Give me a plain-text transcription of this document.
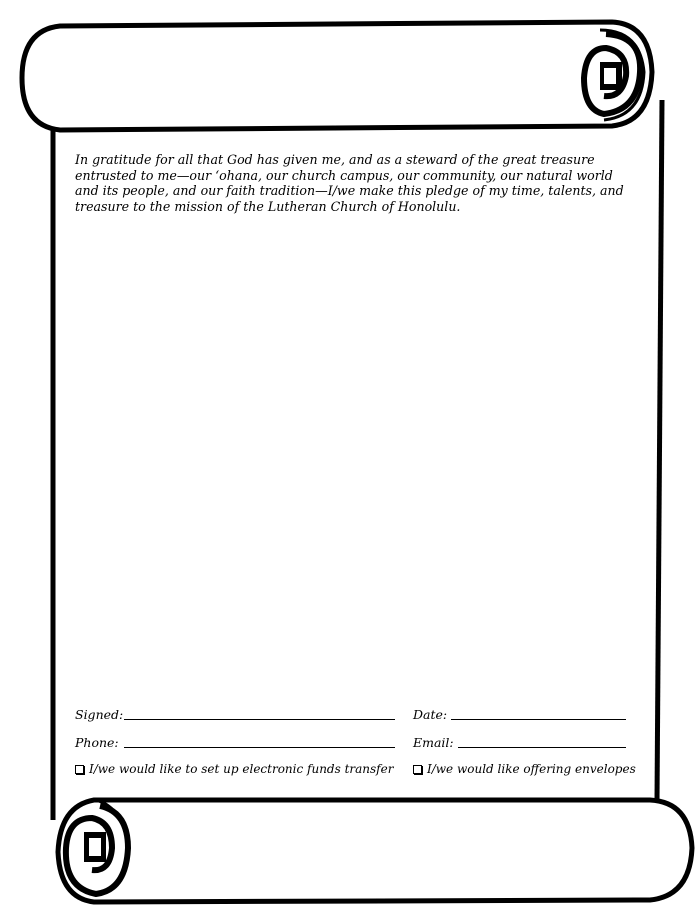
In gratitude for all that God has given me, and as a steward of the great treasure entrusted to me—our ‘ohana, our church campus, our community, our natural world and its people, and our faith tradition—I/we make this pledge of my time, talents, and treasure to the mission of the Lutheran Church of Honolulu.
Signed:	Date:
Phone:	Email:
I/we would like to set up electronic funds transfer	I/we would like offering envelopes
